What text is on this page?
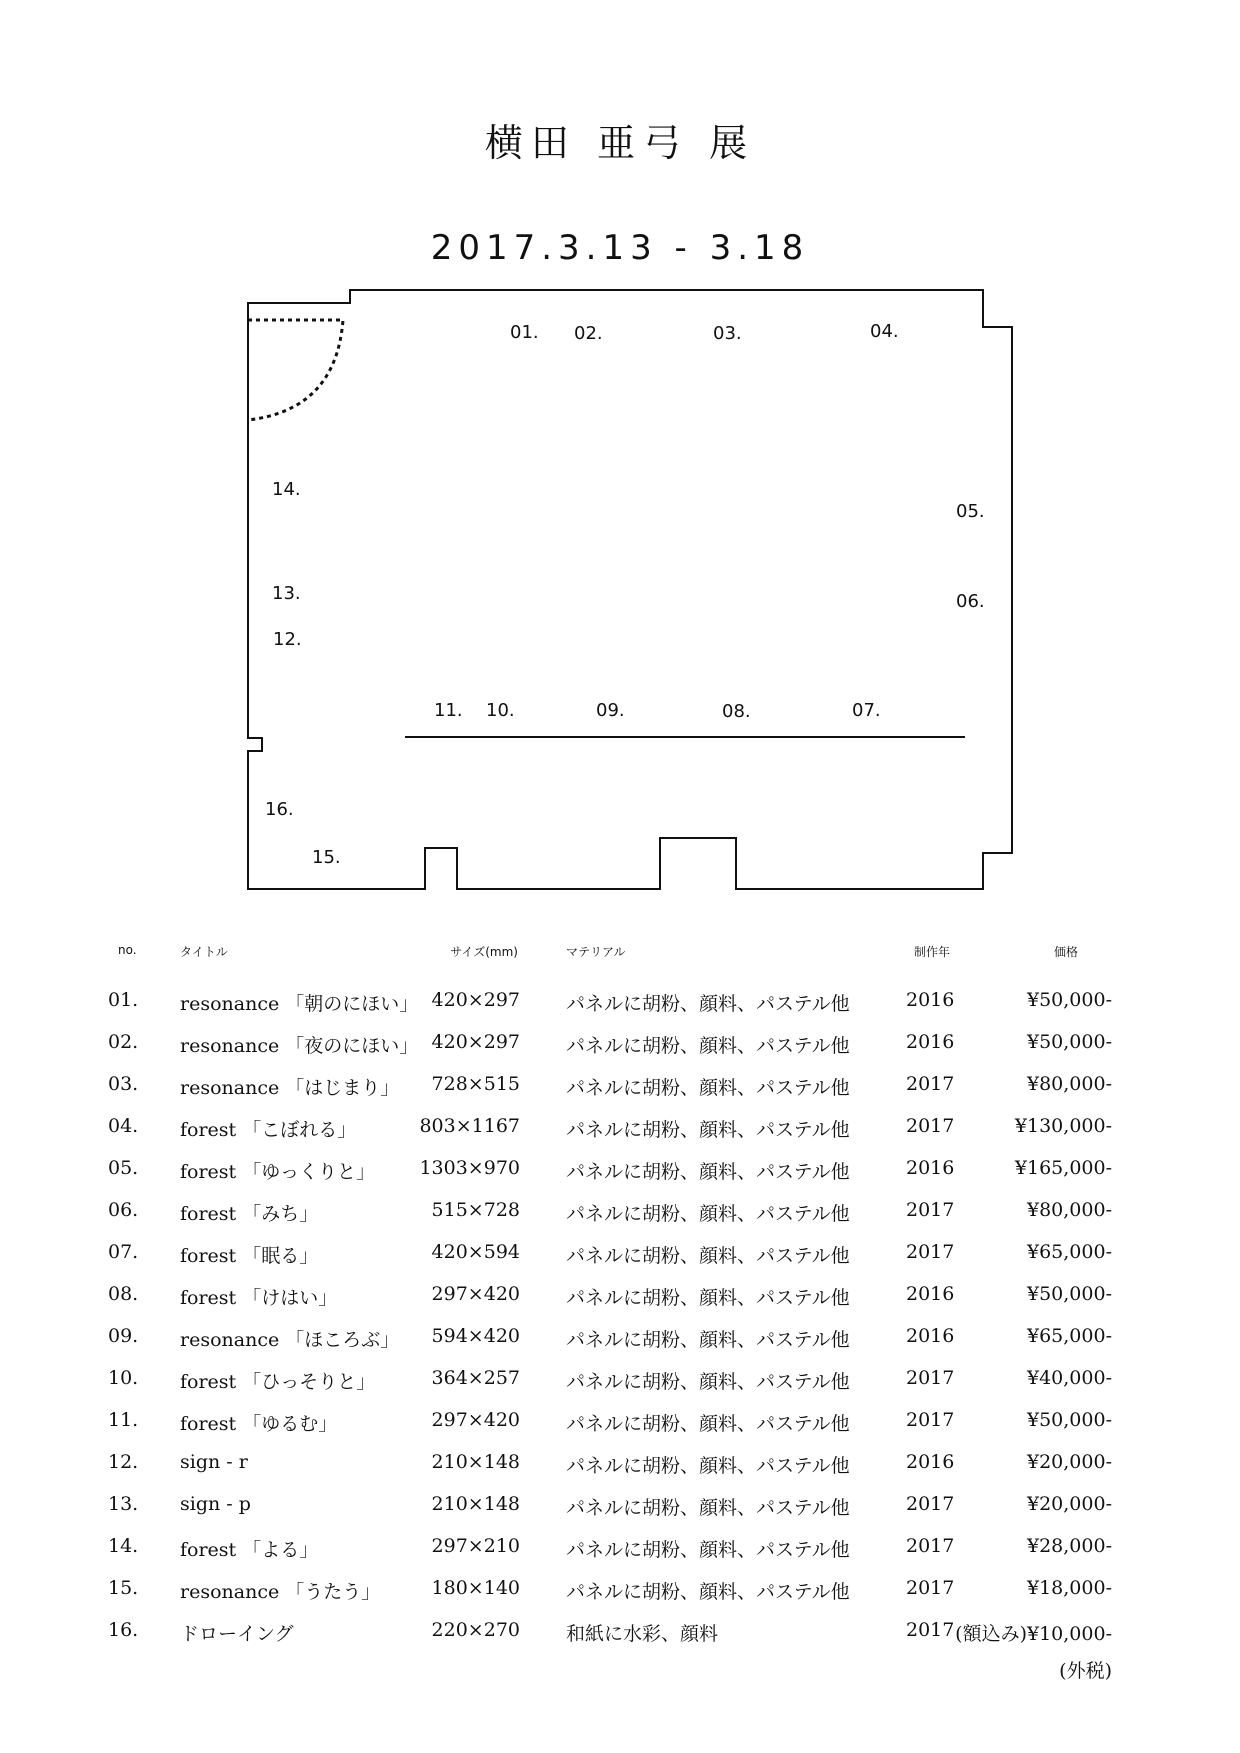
横田 亜弓 展
2017.3.13 - 3.18
01. 02.	03.	04.
05.
06.
07.
08.
09.
10.
11.
12.
13.
14.
15.
16.
no.	タイトル	サイズ(mm)	マテリアル	制作年	価格
01. resonance 「朝のにほい」 420×297 パネルに胡粉、顔料、パステル他	2016	¥50,000-
02. resonance 「夜のにほい」 420×297 パネルに胡粉、顔料、パステル他	2016	¥50,000-
03. resonance 「はじまり」 728×515 パネルに胡粉、顔料、パステル他	2017	¥80,000-
04. forest 「こぼれる」	803×1167 パネルに胡粉、顔料、パステル他	2017	¥130,000-
05. forest 「ゆっくりと」 1303×970 パネルに胡粉、顔料、パステル他	2016	¥165,000-
06. forest 「みち」	515×728 パネルに胡粉、顔料、パステル他	2017	¥80,000-
07. forest 「眠る」	420×594 パネルに胡粉、顔料、パステル他	2017	¥65,000-
08. forest 「けはい」	297×420 パネルに胡粉、顔料、パステル他	2016	¥50,000-
09. resonance 「ほころぶ」 594×420 パネルに胡粉、顔料、パステル他	2016	¥65,000-
10. forest 「ひっそりと」	364×257 パネルに胡粉、顔料、パステル他	2017	¥40,000-
11. forest 「ゆるむ」	297×420 パネルに胡粉、顔料、パステル他	2017	¥50,000-
12. sign - r	210×148 パネルに胡粉、顔料、パステル他	2016	¥20,000-
13. sign - p	210×148 パネルに胡粉、顔料、パステル他	2017	¥20,000-
14. forest 「よる」	297×210 パネルに胡粉、顔料、パステル他	2017	¥28,000-
15. resonance 「うたう」	180×140 パネルに胡粉、顔料、パステル他	2017	¥18,000-
16. ドローイング	220×270 和紙に水彩、顔料	2017 (額込み)¥10,000-
(外税)
